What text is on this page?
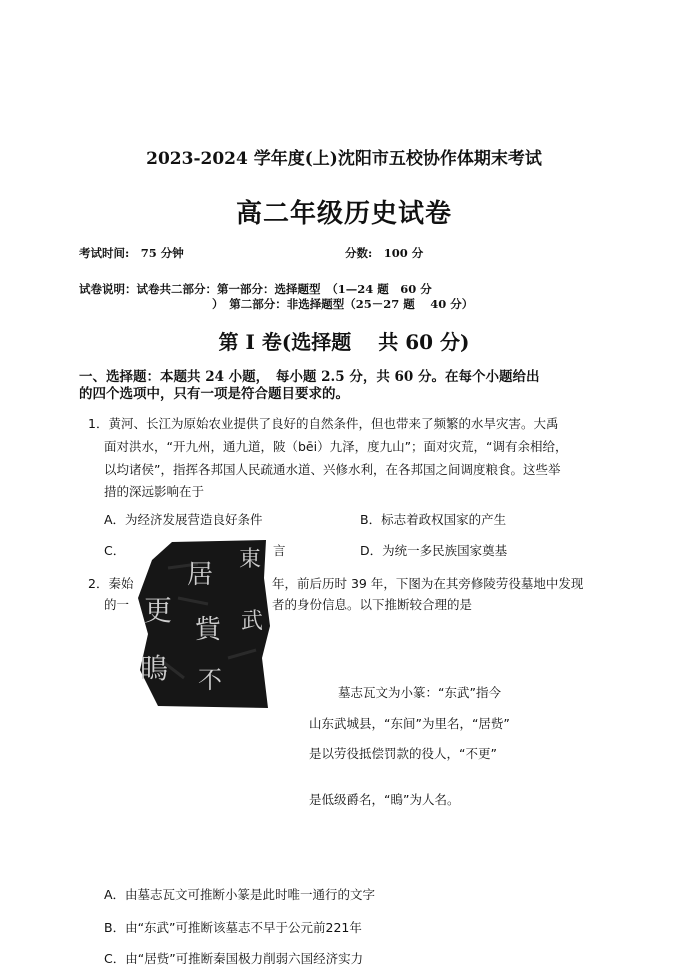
2023-2024 学年度(上)沈阳市五校协作体期末考试
高二年级历史试卷
考试时间:　75 分钟	分数:　100 分
试卷说明：试卷共二部分：第一部分：选择题型　（1—24 题　60 分
）　第二部分：非选择题型（25－27 题　 40 分）
第 I 卷(选择题　 共 60 分)
一、选择题：本题共 24 小题，　每小题 2.5 分，共 60 分。在每个小题给出
的四个选项中，只有一项是符合题目要求的。
1．黄河、长江为原始农业提供了良好的自然条件，但也带来了频繁的水旱灾害。大禹
面对洪水，“开九州，通九道，陂（bēi）九泽，度九山”；面对灾荒，“调有余相给，
以均诸侯”，指挥各邦国人民疏通水道、兴修水利，在各邦国之间调度粮食。这些举
措的深远影响在于
A．为经济发展营造良好条件	B．标志着政权国家的产生
C．	言	D．为统一多民族国家奠基
2．秦始	年，前后历时 39 年，下图为在其旁修陵劳役墓地中发现
的一	者的身份信息。以下推断较合理的是
東
武
居
貲
不
更
瞗
墓志瓦文为小篆：“东武”指今
山东武城县，“东间”为里名，“居赀”
是以劳役抵偿罚款的役人，“不更”
是低级爵名，“瞗”为人名。
A．由墓志瓦文可推断小篆是此时唯一通行的文字
B．由“东武”可推断该墓志不早于公元前221年
C．由“居赀”可推断秦国极力削弱六国经济实力
